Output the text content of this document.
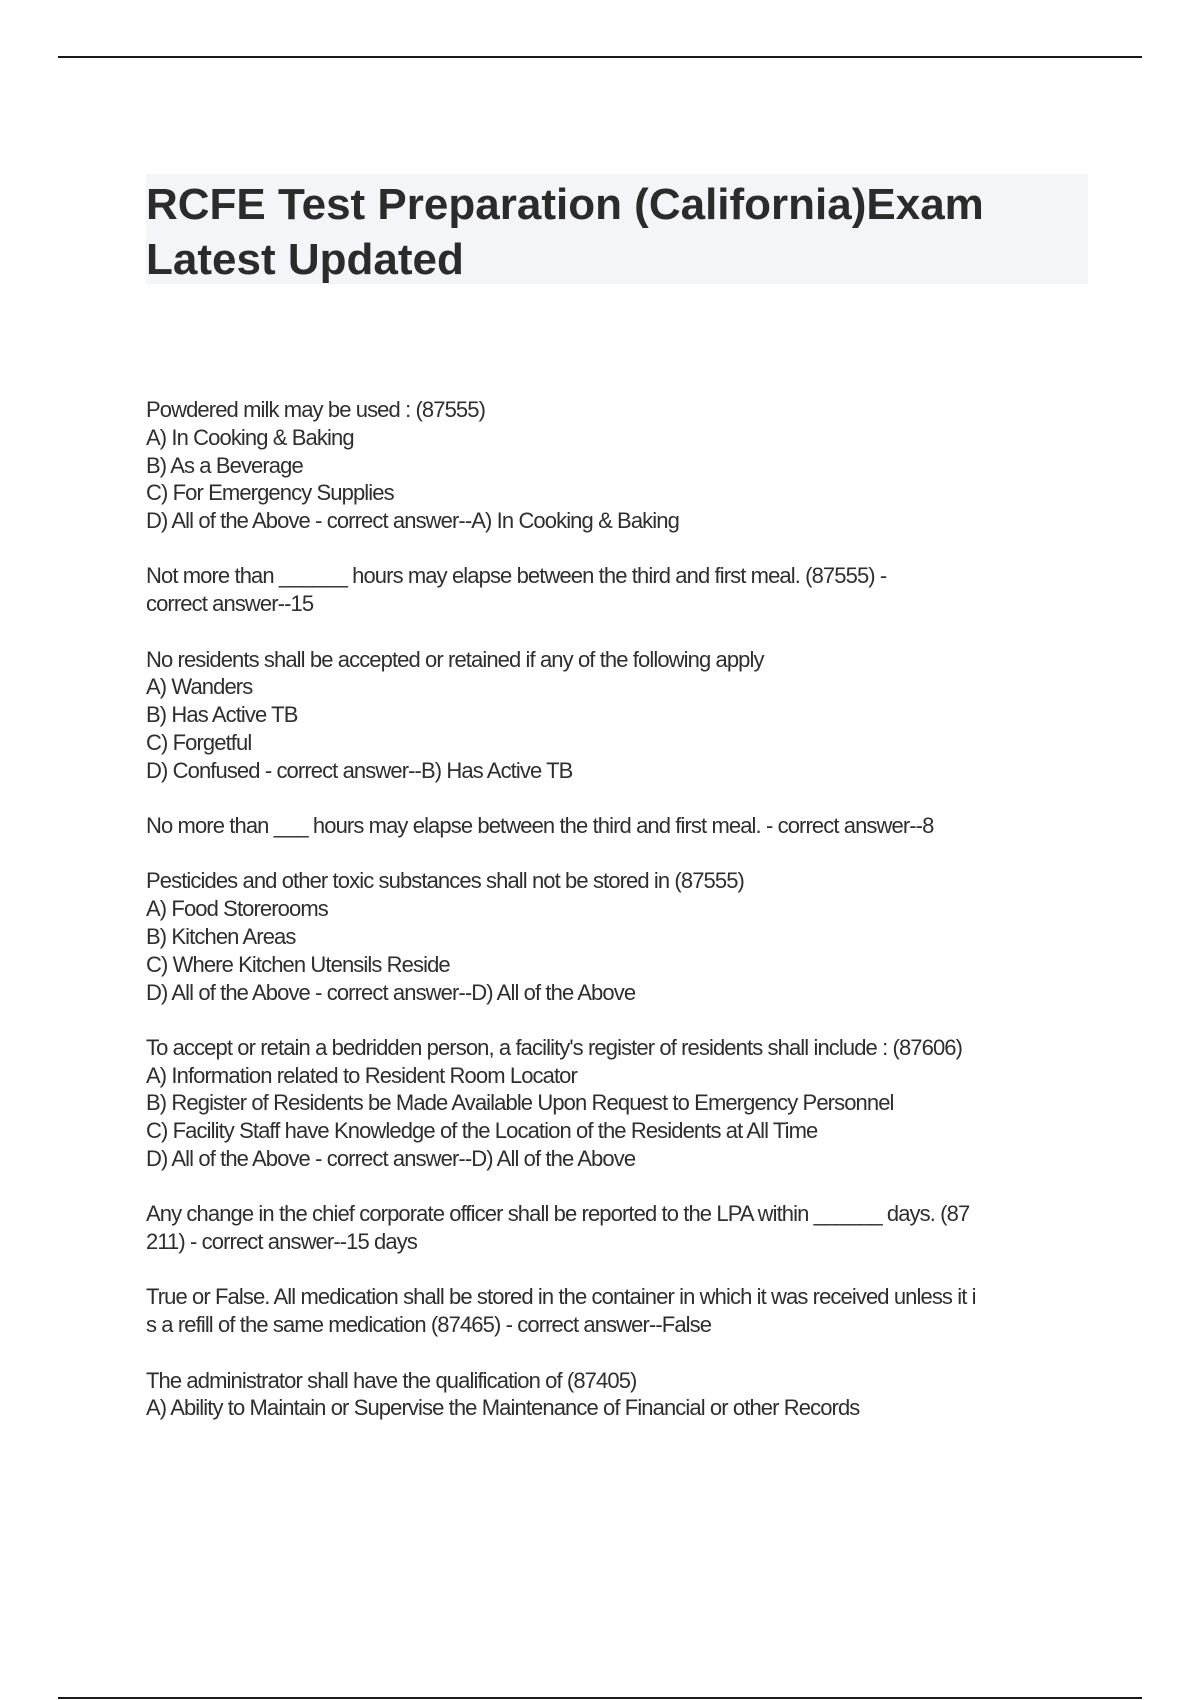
RCFE Test Preparation (California)Exam
Latest Updated
Powdered milk may be used : (87555)
A) In Cooking & Baking
B) As a Beverage
C) For Emergency Supplies
D) All of the Above - correct answer--A) In Cooking & Baking
Not more than ______ hours may elapse between the third and first meal. (87555) -
correct answer--15
No residents shall be accepted or retained if any of the following apply
A) Wanders
B) Has Active TB
C) Forgetful
D) Confused - correct answer--B) Has Active TB
No more than ___ hours may elapse between the third and first meal. - correct answer--8
Pesticides and other toxic substances shall not be stored in (87555)
A) Food Storerooms
B) Kitchen Areas
C) Where Kitchen Utensils Reside
D) All of the Above - correct answer--D) All of the Above
To accept or retain a bedridden person, a facility's register of residents shall include : (87606)
A) Information related to Resident Room Locator
B) Register of Residents be Made Available Upon Request to Emergency Personnel
C) Facility Staff have Knowledge of the Location of the Residents at All Time
D) All of the Above - correct answer--D) All of the Above
Any change in the chief corporate officer shall be reported to the LPA within ______ days. (87
211) - correct answer--15 days
True or False. All medication shall be stored in the container in which it was received unless it i
s a refill of the same medication (87465) - correct answer--False
The administrator shall have the qualification of (87405)
A) Ability to Maintain or Supervise the Maintenance of Financial or other Records
